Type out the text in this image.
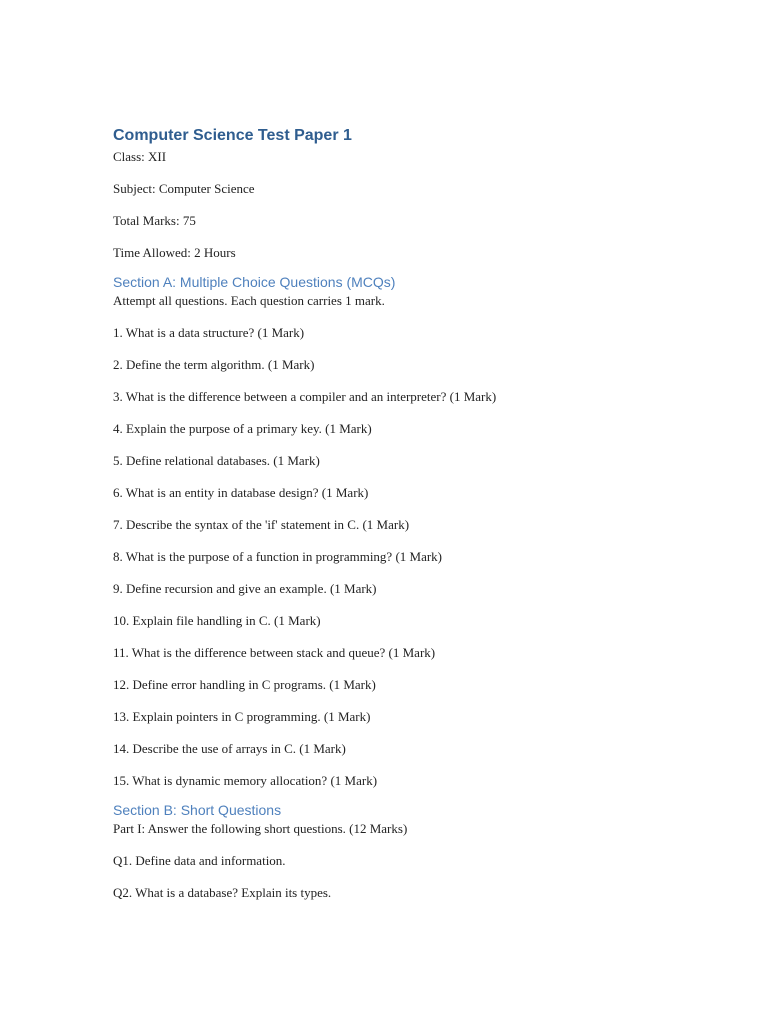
Computer Science Test Paper 1

Class: XII

Subject: Computer Science

Total Marks: 75

Time Allowed: 2 Hours

Section A: Multiple Choice Questions (MCQs)

Attempt all questions. Each question carries 1 mark.

1. What is a data structure? (1 Mark)

2. Define the term algorithm. (1 Mark)

3. What is the difference between a compiler and an interpreter? (1 Mark)

4. Explain the purpose of a primary key. (1 Mark)

5. Define relational databases. (1 Mark)

6. What is an entity in database design? (1 Mark)

7. Describe the syntax of the 'if' statement in C. (1 Mark)

8. What is the purpose of a function in programming? (1 Mark)

9. Define recursion and give an example. (1 Mark)

10. Explain file handling in C. (1 Mark)

11. What is the difference between stack and queue? (1 Mark)

12. Define error handling in C programs. (1 Mark)

13. Explain pointers in C programming. (1 Mark)

14. Describe the use of arrays in C. (1 Mark)

15. What is dynamic memory allocation? (1 Mark)

Section B: Short Questions

Part I: Answer the following short questions. (12 Marks)

Q1. Define data and information.

Q2. What is a database? Explain its types.
